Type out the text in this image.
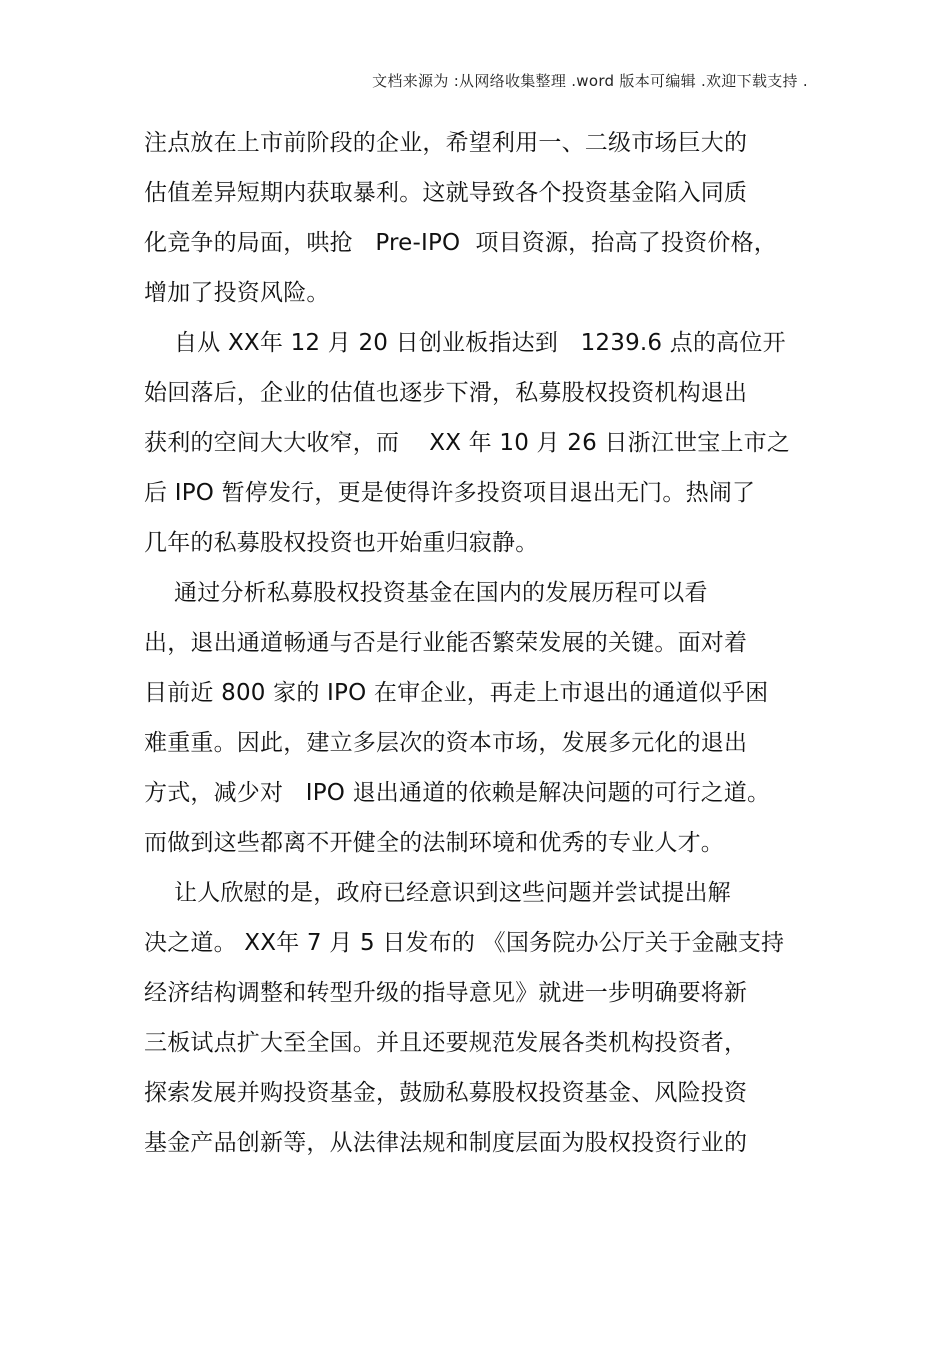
文档来源为 :从网络收集整理 .word 版本可编辑 .欢迎下载支持 .
注点放在上市前阶段的企业，希望利用一、二级市场巨大的
估值差异短期内获取暴利。这就导致各个投资基金陷入同质
化竞争的局面，哄抢   Pre-IPO  项目资源，抬高了投资价格，
增加了投资风险。
自从 XX年 12 月 20 日创业板指达到   1239.6 点的高位开
始回落后，企业的估值也逐步下滑，私募股权投资机构退出
获利的空间大大收窄，而    XX 年 10 月 26 日浙江世宝上市之
后 IPO 暂停发行，更是使得许多投资项目退出无门。热闹了
几年的私募股权投资也开始重归寂静。
通过分析私募股权投资基金在国内的发展历程可以看
出，退出通道畅通与否是行业能否繁荣发展的关键。面对着
目前近 800 家的 IPO 在审企业，再走上市退出的通道似乎困
难重重。因此，建立多层次的资本市场，发展多元化的退出
方式，减少对   IPO 退出通道的依赖是解决问题的可行之道。
而做到这些都离不开健全的法制环境和优秀的专业人才。
让人欣慰的是，政府已经意识到这些问题并尝试提出解
决之道。 XX年 7 月 5 日发布的 《国务院办公厅关于金融支持
经济结构调整和转型升级的指导意见》就进一步明确要将新
三板试点扩大至全国。并且还要规范发展各类机构投资者，
探索发展并购投资基金，鼓励私募股权投资基金、风险投资
基金产品创新等，从法律法规和制度层面为股权投资行业的
